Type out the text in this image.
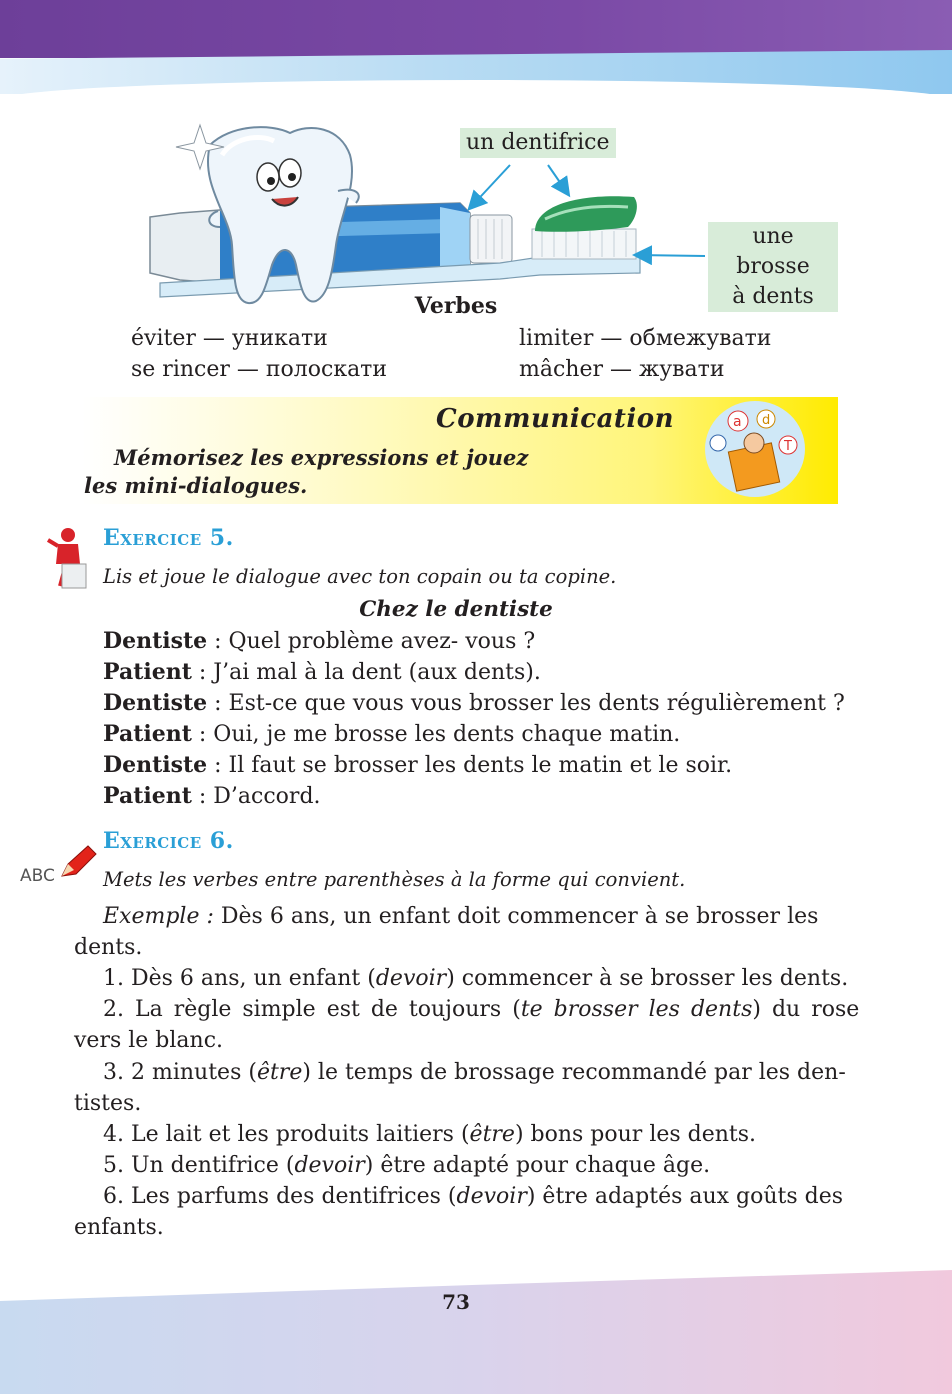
un dentifrice
une brosse
à dents
Verbes
éviter — уникати
se rincer — полоскати
limiter — обмежувати
mâcher — жувати
Communication
Mémorisez les expressions et jouez
les mini-dialogues.
a d
T
Exercice 5.
Lis et joue le dialogue avec ton copain ou ta copine.
Chez le dentiste
Dentiste : Quel problème avez- vous ?
Patient : J’ai mal à la dent (aux dents).
Dentiste : Est-ce que vous vous brosser les dents régulièrement ?
Patient : Oui, je me brosse les dents chaque matin.
Dentiste : Il faut se brosser les dents le matin et le soir.
Patient : D’accord.
ABC
Exercice 6.
Mets les verbes entre parenthèses à la forme qui convient.
Exemple : Dès 6 ans, un enfant doit commencer à se brosser les
dents.
1. Dès 6 ans, un enfant (devoir) commencer à se brosser les dents.
2. La règle simple est de toujours (te brosser les dents) du rose
vers le blanc.
3. 2 minutes (être) le temps de brossage recommandé par les den-
tistes.
4. Le lait et les produits laitiers (être) bons pour les dents.
5. Un dentifrice (devoir) être adapté pour chaque âge.
6. Les parfums des dentifrices (devoir) être adaptés aux goûts des
enfants.
73
